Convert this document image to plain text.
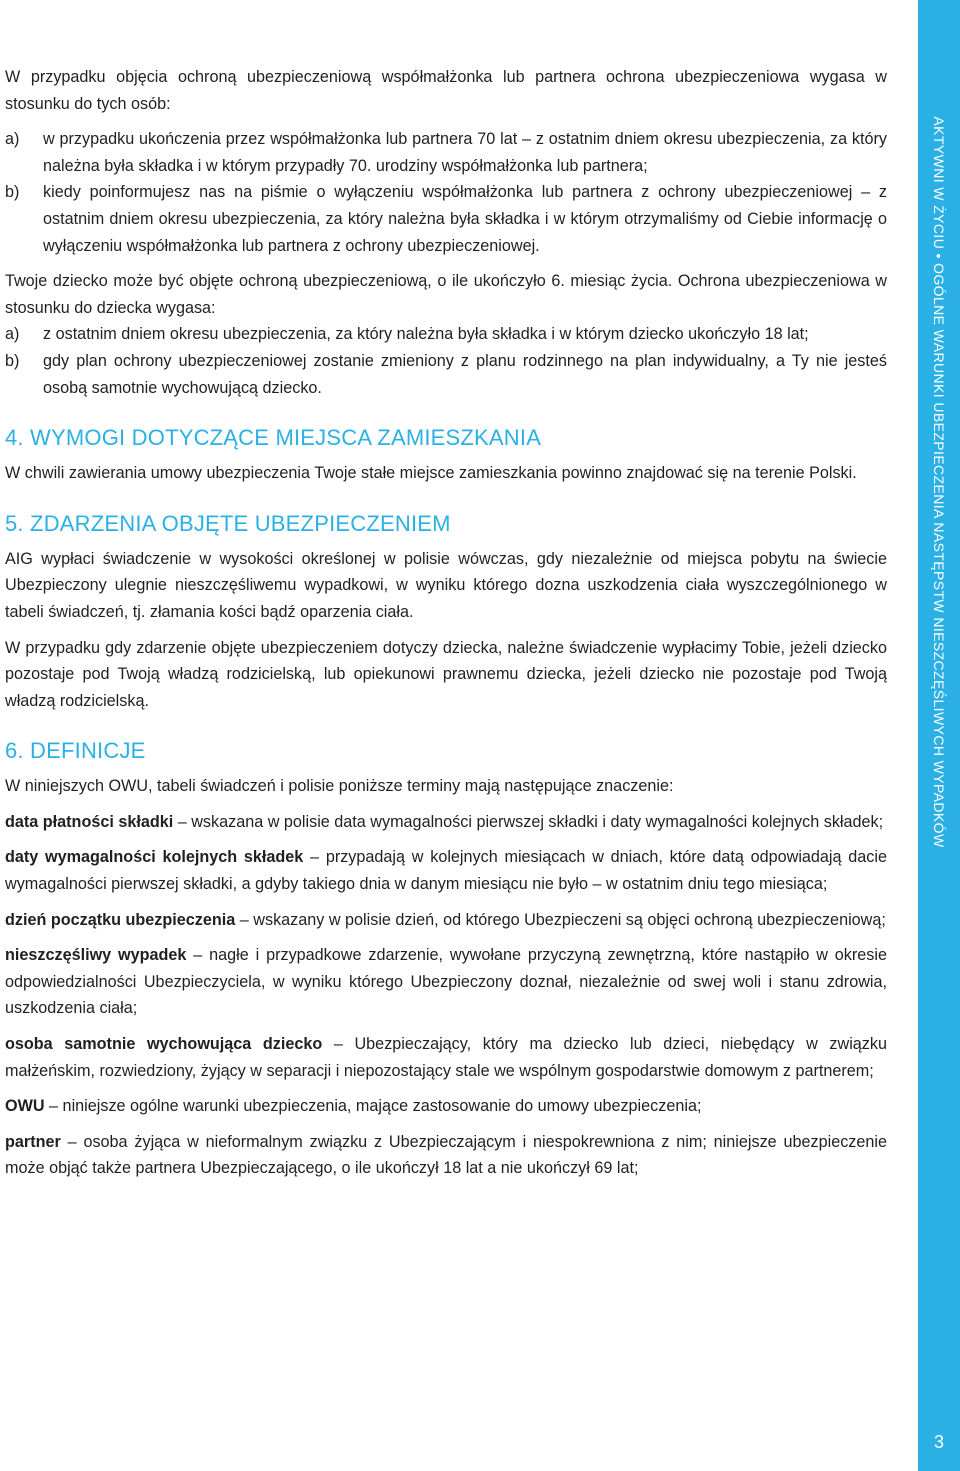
W przypadku objęcia ochroną ubezpieczeniową współmałżonka lub partnera ochrona ubezpieczeniowa wygasa w stosunku do tych osób:

a)	w przypadku ukończenia przez współmałżonka lub partnera 70 lat – z ostatnim dniem okresu ubezpieczenia, za który należna była składka i w którym przypadły 70. urodziny współmałżonka lub partnera;
b)	kiedy poinformujesz nas na piśmie o wyłączeniu współmałżonka lub partnera z ochrony ubezpieczeniowej – z ostatnim dniem okresu ubezpieczenia, za który należna była składka i w którym otrzymaliśmy od Ciebie informację o wyłączeniu współmałżonka lub partnera z ochrony ubezpieczeniowej.

Twoje dziecko może być objęte ochroną ubezpieczeniową, o ile ukończyło 6. miesiąc życia. Ochrona ubezpieczeniowa w stosunku do dziecka wygasa:

a)	z ostatnim dniem okresu ubezpieczenia, za który należna była składka i w którym dziecko ukończyło 18 lat;
b)	gdy plan ochrony ubezpieczeniowej zostanie zmieniony z planu rodzinnego na plan indywidualny, a Ty nie jesteś osobą samotnie wychowującą dziecko.
4. WYMOGI DOTYCZĄCE MIEJSCA ZAMIESZKANIA

W chwili zawierania umowy ubezpieczenia Twoje stałe miejsce zamieszkania powinno znajdować się na terenie Polski.

5. ZDARZENIA OBJĘTE UBEZPIECZENIEM

AIG wypłaci świadczenie w wysokości określonej w polisie wówczas, gdy niezależnie od miejsca pobytu na świecie Ubezpieczony ulegnie nieszczęśliwemu wypadkowi, w wyniku którego dozna uszkodzenia ciała wyszczególnionego w tabeli świadczeń, tj. złamania kości bądź oparzenia ciała.

W przypadku gdy zdarzenie objęte ubezpieczeniem dotyczy dziecka, należne świadczenie wypłacimy Tobie, jeżeli dziecko pozostaje pod Twoją władzą rodzicielską, lub opiekunowi prawnemu dziecka, jeżeli dziecko nie pozostaje pod Twoją władzą rodzicielską.

6. DEFINICJE

W niniejszych OWU, tabeli świadczeń i polisie poniższe terminy mają następujące znaczenie:

data płatności składki – wskazana w polisie data wymagalności pierwszej składki i daty wymagalności kolejnych składek;
daty wymagalności kolejnych składek – przypadają w kolejnych miesiącach w dniach, które datą odpowiadają dacie wymagalności pierwszej składki, a gdyby takiego dnia w danym miesiącu nie było – w ostatnim dniu tego miesiąca;
dzień początku ubezpieczenia – wskazany w polisie dzień, od którego Ubezpieczeni są objęci ochroną ubezpieczeniową;
nieszczęśliwy wypadek – nagłe i przypadkowe zdarzenie, wywołane przyczyną zewnętrzną, które nastąpiło w okresie odpowiedzialności Ubezpieczyciela, w wyniku którego Ubezpieczony doznał, niezależnie od swej woli i stanu zdrowia, uszkodzenia ciała;
osoba samotnie wychowująca dziecko – Ubezpieczający, który ma dziecko lub dzieci, niebędący w związku małżeńskim, rozwiedziony, żyjący w separacji i niepozostający stale we wspólnym gospodarstwie domowym z partnerem;
OWU – niniejsze ogólne warunki ubezpieczenia, mające zastosowanie do umowy ubezpieczenia;
partner – osoba żyjąca w nieformalnym związku z Ubezpieczającym i niespokrewniona z nim; niniejsze ubezpieczenie może objąć także partnera Ubezpieczającego, o ile ukończył 18 lat a nie ukończył 69 lat;
AKTYWNI W ŻYCIU • OGÓLNE WARUNKI UBEZPIECZENIA NASTĘPSTW NIESZCZĘŚLIWYCH WYPADKÓW
3
